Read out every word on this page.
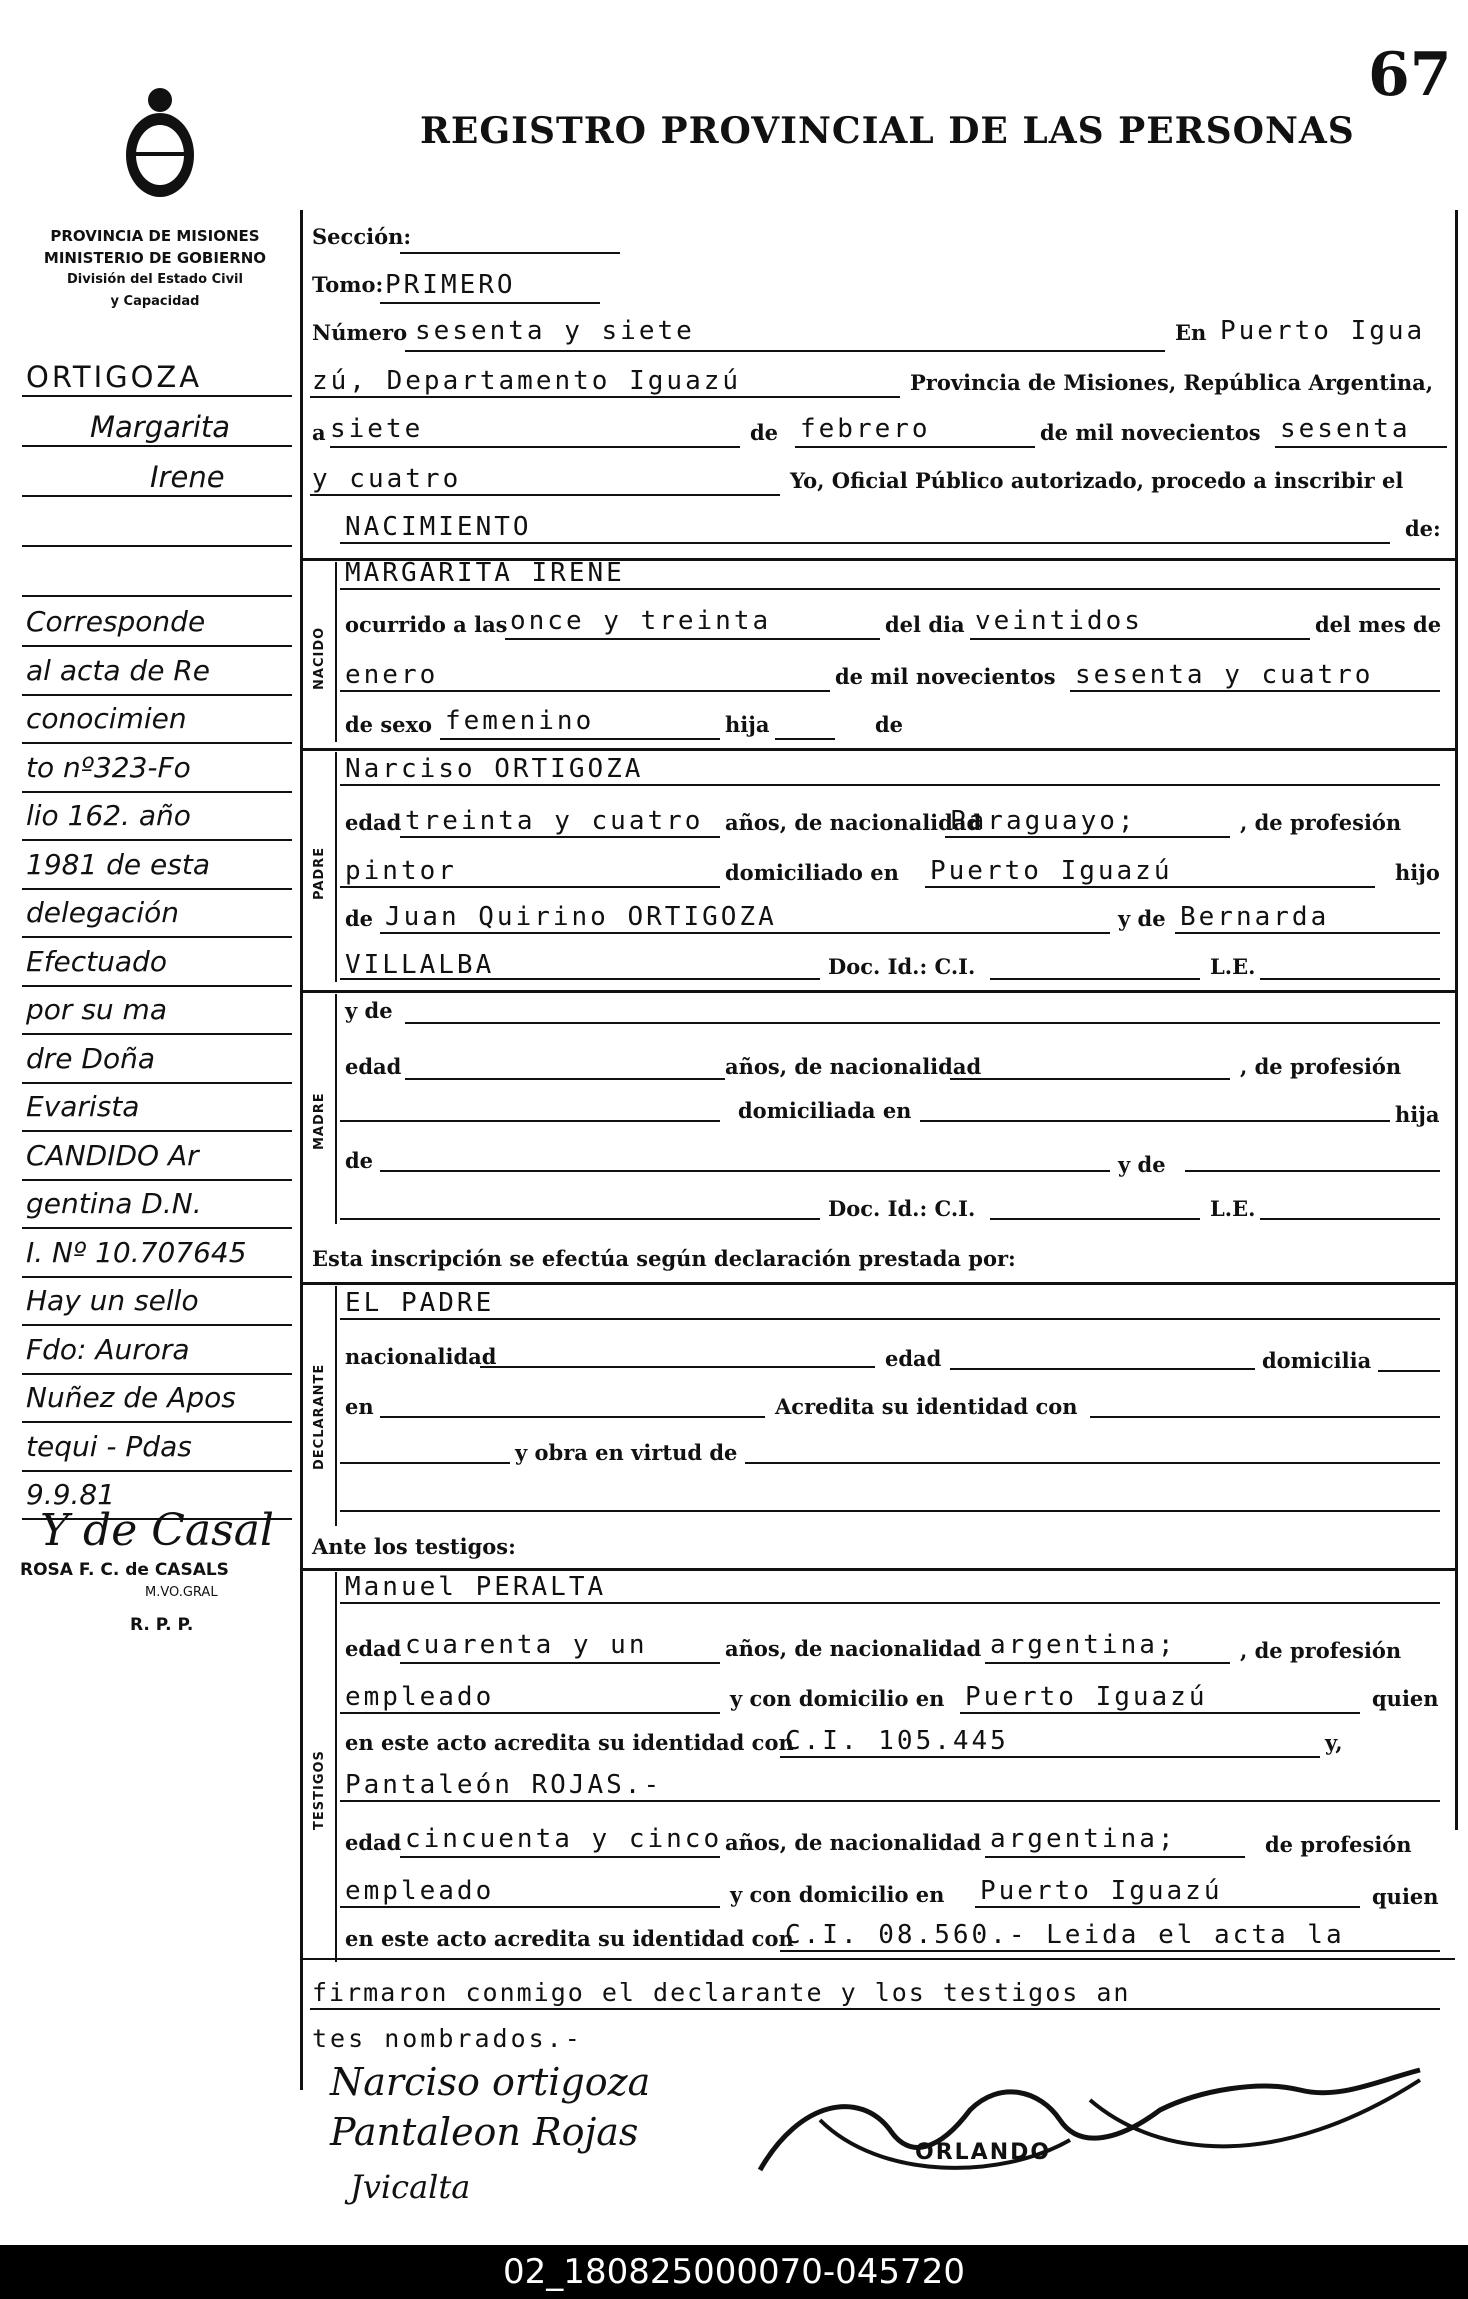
67
REGISTRO PROVINCIAL DE LAS PERSONAS
PROVINCIA DE MISIONES
MINISTERIO DE GOBIERNO
División del Estado Civil
y Capacidad
ORTIGOZA
Margarita
Irene
Corresponde
al acta de Re
conocimien
to nº323-Fo
lio 162. año
1981 de esta
delegación
Efectuado
por su ma
dre Doña
Evarista
CANDIDO Ar
gentina D.N.
I. Nº 10.707645
Hay un sello
Fdo: Aurora
Nuñez de Apos
tequi - Pdas
9.9.81
Y de Casal
ROSA F. C. de CASALS
M.VO.GRAL
R. P. P.
Sección:
Tomo: PRIMERO
Número sesenta y siete	En Puerto Igua
zú, Departamento Iguazú	Provincia de Misiones, República Argentina,
a siete	de febrero	de mil novecientos sesenta
y cuatro	Yo, Oficial Público autorizado, procedo a inscribir el
NACIMIENTO	de:
NACIDO
MARGARITA IRENE
ocurrido a las once y treinta	del dia veintidos	del mes de
enero	de mil novecientos sesenta y cuatro
de sexo femenino	hija	de
PADRE
Narciso ORTIGOZA
edad treinta y cuatro años, de nacionalidad
Paraguayo;	, de profesión
pintor	domiciliado en Puerto Iguazú	hijo
de Juan Quirino ORTIGOZA	y de Bernarda
VILLALBA	Doc. Id.: C.I.	L.E.
MADRE
y de
edad	años, de nacionalidad	, de profesión
domiciliada en	hija
de	y de
Doc. Id.: C.I.	L.E.
Esta inscripción se efectúa según declaración prestada por:
DECLARANTE
EL PADRE
nacionalidad	edad	domicilia
en	Acredita su identidad con
y obra en virtud de
Ante los testigos:
TESTIGOS
Manuel PERALTA
edad cuarenta y un	años, de nacionalidad argentina;	, de profesión
empleado	y con domicilio en Puerto Iguazú	quien
en este acto acredita su identidad con
C.I. 105.445	y,
Pantaleón ROJAS.-
edad cincuenta y cinco años, de nacionalidad argentina;	de profesión
empleado	y con domicilio en Puerto Iguazú	quien
en este acto acredita su identidad con
C.I. 08.560.- Leida el acta la
firmaron conmigo el declarante y los testigos an
tes nombrados.-
Narciso ortigoza
Pantaleon Rojas
Jvicalta
ORLANDO
02_180825000070-045720
